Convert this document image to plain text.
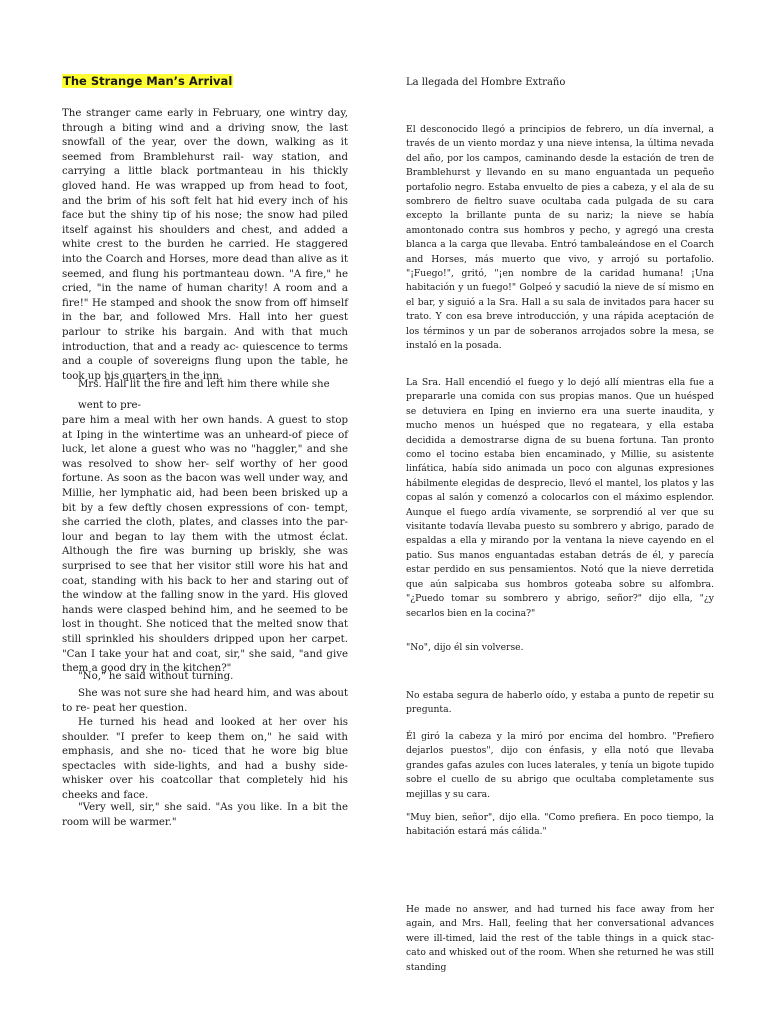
The Strange Man’s Arrival

The stranger came early in February, one wintry day, through a biting wind and a driving snow, the last snowfall of the year, over the down, walking as it seemed from Bramblehurst rail- way station, and carrying a little black portmanteau in his thickly gloved hand. He was wrapped up from head to foot, and the brim of his soft felt hat hid every inch of his face but the shiny tip of his nose; the snow had piled itself against his shoulders and chest, and added a white crest to the burden he carried. He staggered into the Coarch and Horses, more dead than alive as it seemed, and flung his portmanteau down. "A fire," he cried, "in the name of human charity! A room and a fire!" He stamped and shook the snow from off himself in the bar, and followed Mrs. Hall into her guest parlour to strike his bargain. And with that much introduction, that and a ready ac- quiescence to terms and a couple of sovereigns flung upon the table, he took up his quarters in the inn.

Mrs. Hall lit the fire and left him there while she

went to pre-

pare him a meal with her own hands. A guest to stop at Iping in the wintertime was an unheard-of piece of luck, let alone a guest who was no "haggler," and she was resolved to show her- self worthy of her good fortune. As soon as the bacon was well under way, and Millie, her lymphatic aid, had been been brisked up a bit by a few deftly chosen expressions of con- tempt, she carried the cloth, plates, and classes into the par- lour and began to lay them with the utmost éclat. Although the fire was burning up briskly, she was surprised to see that her visitor still wore his hat and coat, standing with his back to her and staring out of the window at the falling snow in the yard. His gloved hands were clasped behind him, and he seemed to be lost in thought. She noticed that the melted snow that still sprinkled his shoulders dripped upon her carpet. "Can I take your hat and coat, sir," she said, "and give them a good dry in the kitchen?"

"No," he said without turning.

She was not sure she had heard him, and was about to re- peat her question.

He turned his head and looked at her over his shoulder. "I prefer to keep them on," he said with emphasis, and she no- ticed that he wore big blue spectacles with side-lights, and had a bushy side-whisker over his coatcollar that completely hid his cheeks and face.

"Very well, sir," she said. "As you like. In a bit the room will be warmer."

La llegada del Hombre Extraño

El desconocido llegó a principios de febrero, un día invernal, a través de un viento mordaz y una nieve intensa, la última nevada del año, por los campos, caminando desde la estación de tren de Bramblehurst y llevando en su mano enguantada un pequeño portafolio negro. Estaba envuelto de pies a cabeza, y el ala de su sombrero de fieltro suave ocultaba cada pulgada de su cara excepto la brillante punta de su nariz; la nieve se había amontonado contra sus hombros y pecho, y agregó una cresta blanca a la carga que llevaba. Entró tambaleándose en el Coarch and Horses, más muerto que vivo, y arrojó su portafolio. "¡Fuego!", gritó, "¡en nombre de la caridad humana! ¡Una habitación y un fuego!" Golpeó y sacudió la nieve de sí mismo en el bar, y siguió a la Sra. Hall a su sala de invitados para hacer su trato. Y con esa breve introducción, y una rápida aceptación de los términos y un par de soberanos arrojados sobre la mesa, se instaló en la posada.

La Sra. Hall encendió el fuego y lo dejó allí mientras ella fue a prepararle una comida con sus propias manos. Que un huésped se detuviera en Iping en invierno era una suerte inaudita, y mucho menos un huésped que no regateara, y ella estaba decidida a demostrarse digna de su buena fortuna. Tan pronto como el tocino estaba bien encaminado, y Millie, su asistente linfática, había sido animada un poco con algunas expresiones hábilmente elegidas de desprecio, llevó el mantel, los platos y las copas al salón y comenzó a colocarlos con el máximo esplendor. Aunque el fuego ardía vivamente, se sorprendió al ver que su visitante todavía llevaba puesto su sombrero y abrigo, parado de espaldas a ella y mirando por la ventana la nieve cayendo en el patio. Sus manos enguantadas estaban detrás de él, y parecía estar perdido en sus pensamientos. Notó que la nieve derretida que aún salpicaba sus hombros goteaba sobre su alfombra. "¿Puedo tomar su sombrero y abrigo, señor?" dijo ella, "¿y secarlos bien en la cocina?"

"No", dijo él sin volverse.

No estaba segura de haberlo oído, y estaba a punto de repetir su pregunta.

Él giró la cabeza y la miró por encima del hombro. "Prefiero dejarlos puestos", dijo con énfasis, y ella notó que llevaba grandes gafas azules con luces laterales, y tenía un bigote tupido sobre el cuello de su abrigo que ocultaba completamente sus mejillas y su cara.

"Muy bien, señor", dijo ella. "Como prefiera. En poco tiempo, la habitación estará más cálida."

He made no answer, and had turned his face away from her again, and Mrs. Hall, feeling that her conversational advances were ill-timed, laid the rest of the table things in a quick stac- cato and whisked out of the room. When she returned he was still standing
